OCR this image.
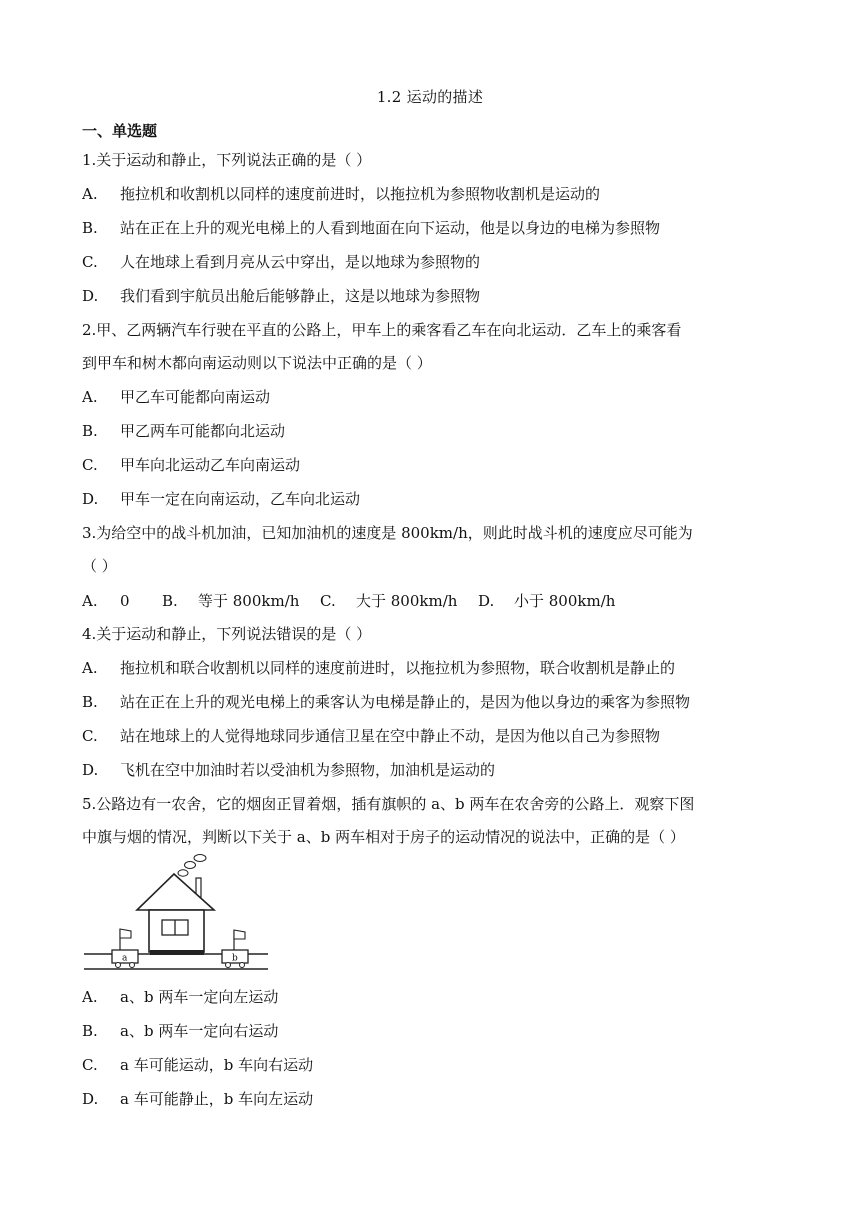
1.2 运动的描述
一、单选题
1.关于运动和静止，下列说法正确的是（ ）
A. 拖拉机和收割机以同样的速度前进时，以拖拉机为参照物收割机是运动的
B. 站在正在上升的观光电梯上的人看到地面在向下运动，他是以身边的电梯为参照物
C. 人在地球上看到月亮从云中穿出，是以地球为参照物的
D. 我们看到宇航员出舱后能够静止，这是以地球为参照物
2.甲、乙两辆汽车行驶在平直的公路上，甲车上的乘客看乙车在向北运动．乙车上的乘客看
到甲车和树木都向南运动则以下说法中正确的是（ ）
A. 甲乙车可能都向南运动
B. 甲乙两车可能都向北运动
C. 甲车向北运动乙车向南运动
D. 甲车一定在向南运动，乙车向北运动
3.为给空中的战斗机加油，已知加油机的速度是 800km/h，则此时战斗机的速度应尽可能为
（ ）
A. 0 B. 等于 800km/h C. 大于 800km/h D. 小于 800km/h
4.关于运动和静止，下列说法错误的是（ ）
A. 拖拉机和联合收割机以同样的速度前进时，以拖拉机为参照物，联合收割机是静止的
B. 站在正在上升的观光电梯上的乘客认为电梯是静止的，是因为他以身边的乘客为参照物
C. 站在地球上的人觉得地球同步通信卫星在空中静止不动，是因为他以自己为参照物
D. 飞机在空中加油时若以受油机为参照物，加油机是运动的
5.公路边有一农舍，它的烟囱正冒着烟，插有旗帜的 a、b 两车在农舍旁的公路上．观察下图
中旗与烟的情况，判断以下关于 a、b 两车相对于房子的运动情况的说法中，正确的是（ ）
a	b
A. a、b 两车一定向左运动
B. a、b 两车一定向右运动
C. a 车可能运动，b 车向右运动
D. a 车可能静止，b 车向左运动
